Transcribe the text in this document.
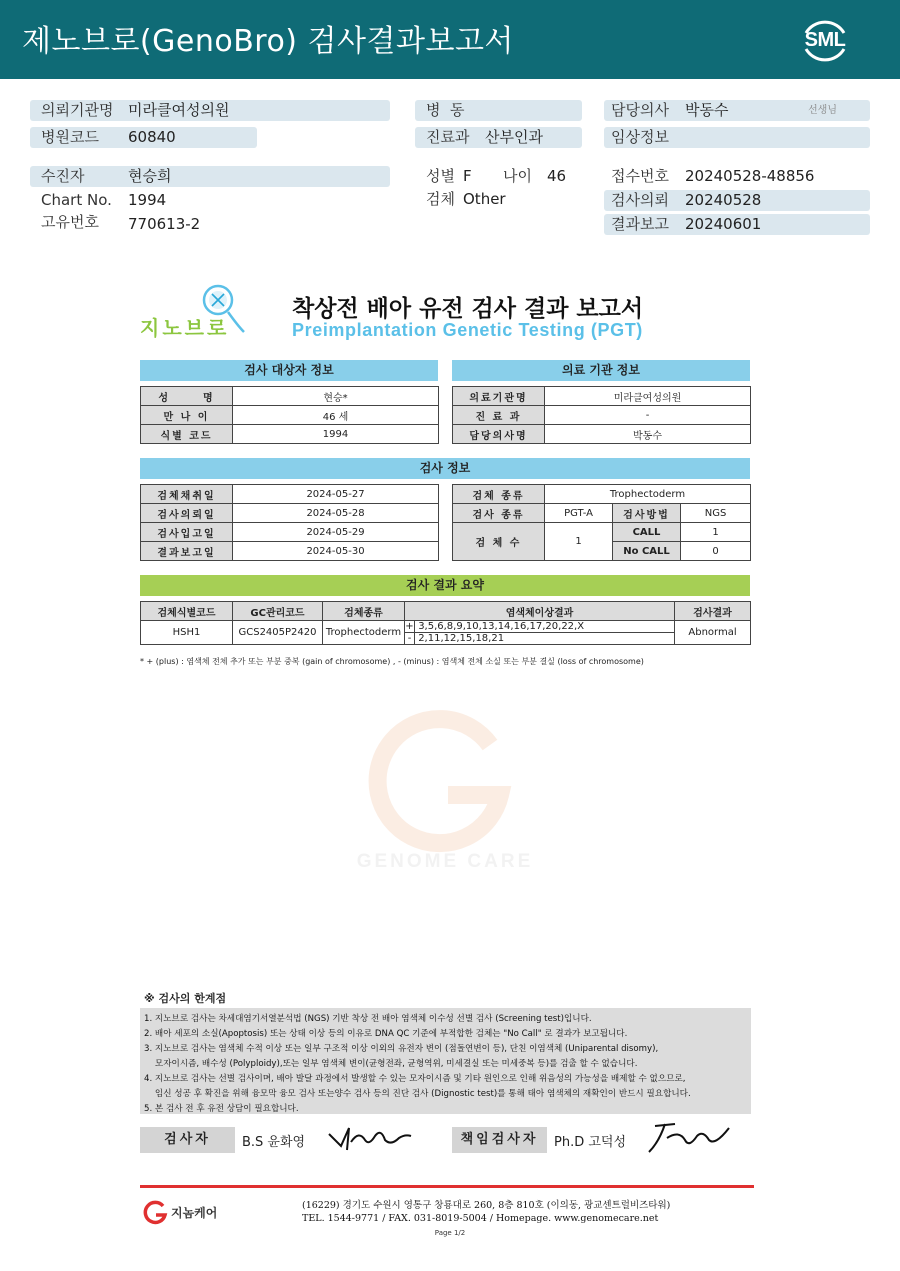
제노브로(GenoBro) 검사결과보고서	SML
의뢰기관명 미라클여성의원
병원코드 60840
병  동
진료과 산부인과
담당의사 박동수	선생님
임상정보
수진자	현승희
Chart No. 1994
고유번호 770613-2
성별 F 나이 46
검체 Other
접수번호 20240528-48856
검사의뢰 20240528
결과보고 20240601
지노브로
착상전 배아 유전 검사 결과 보고서
Preimplantation Genetic Testing (PGT)
검사 대상자 정보	의료 기관 정보
성      명	현승*
만 나 이	46 세
식별 코드	1994
의료기관명	미라클여성의원
진 료 과	-
담당의사명	박동수
검사 정보
검체채취일	2024-05-27
검사의뢰일	2024-05-28
검사입고일	2024-05-29
결과보고일	2024-05-30
검체 종류	Trophectoderm		
검사 종류	PGT-A	검사방법	NGS
검 체 수	1	CALL	1
		No CALL	0
검사 결과 요약
검체식별코드	GC관리코드	검체종류	염색체이상결과	검사결과
HSH1	GCS2405P2420	Trophectoderm	+ 3,5,6,8,9,10,13,14,16,17,20,22,X	Abnormal
			- 2,11,12,15,18,21	
* + (plus) : 염색체 전체 추가 또는 부분 중복 (gain of chromosome) , - (minus) : 염색체 전체 소실 또는 부분 결실 (loss of chromosome)
GENOME CARE
※ 검사의 한계점
1. 지노브로 검사는 차세대염기서열분석법 (NGS) 기반 착상 전 배아 염색체 이수성 선별 검사 (Screening test)입니다.
2. 배아 세포의 소실(Apoptosis) 또는 상태 이상 등의 이유로 DNA QC 기준에 부적합한 검체는 "No Call" 로 결과가 보고됩니다.
3. 지노브로 검사는 염색체 수적 이상 또는 일부 구조적 이상 이외의 유전자 변이 (점돌연변이 등), 단친 이염색체 (Uniparental disomy),
모자이시즘, 배수성 (Polyploidy),또는 일부 염색체 변이(균형전좌, 균형역위, 미세결실 또는 미세중복 등)를 검출 할 수 없습니다.
4. 지노브로 검사는 선별 검사이며, 배아 발달 과정에서 발생할 수 있는 모자이시즘 및 기타 원인으로 인해 위음성의 가능성을 배제할 수 없으므로,
임신 성공 후 확진을 위해 융모막 융모 검사 또는양수 검사 등의 진단 검사 (Dignostic test)를 통해 태아 염색체의 재확인이 반드시 필요합니다.
5. 본 검사 전 후 유전 상담이 필요합니다.
검사자	B.S 윤화영	책임검사자	Ph.D 고덕성
지놈케어
(16229) 경기도 수원시 영통구 창룡대로 260, 8층 810호 (이의동, 광교센트럴비즈타워)
TEL. 1544-9771 / FAX. 031-8019-5004 / Homepage. www.genomecare.net
Page 1/2
